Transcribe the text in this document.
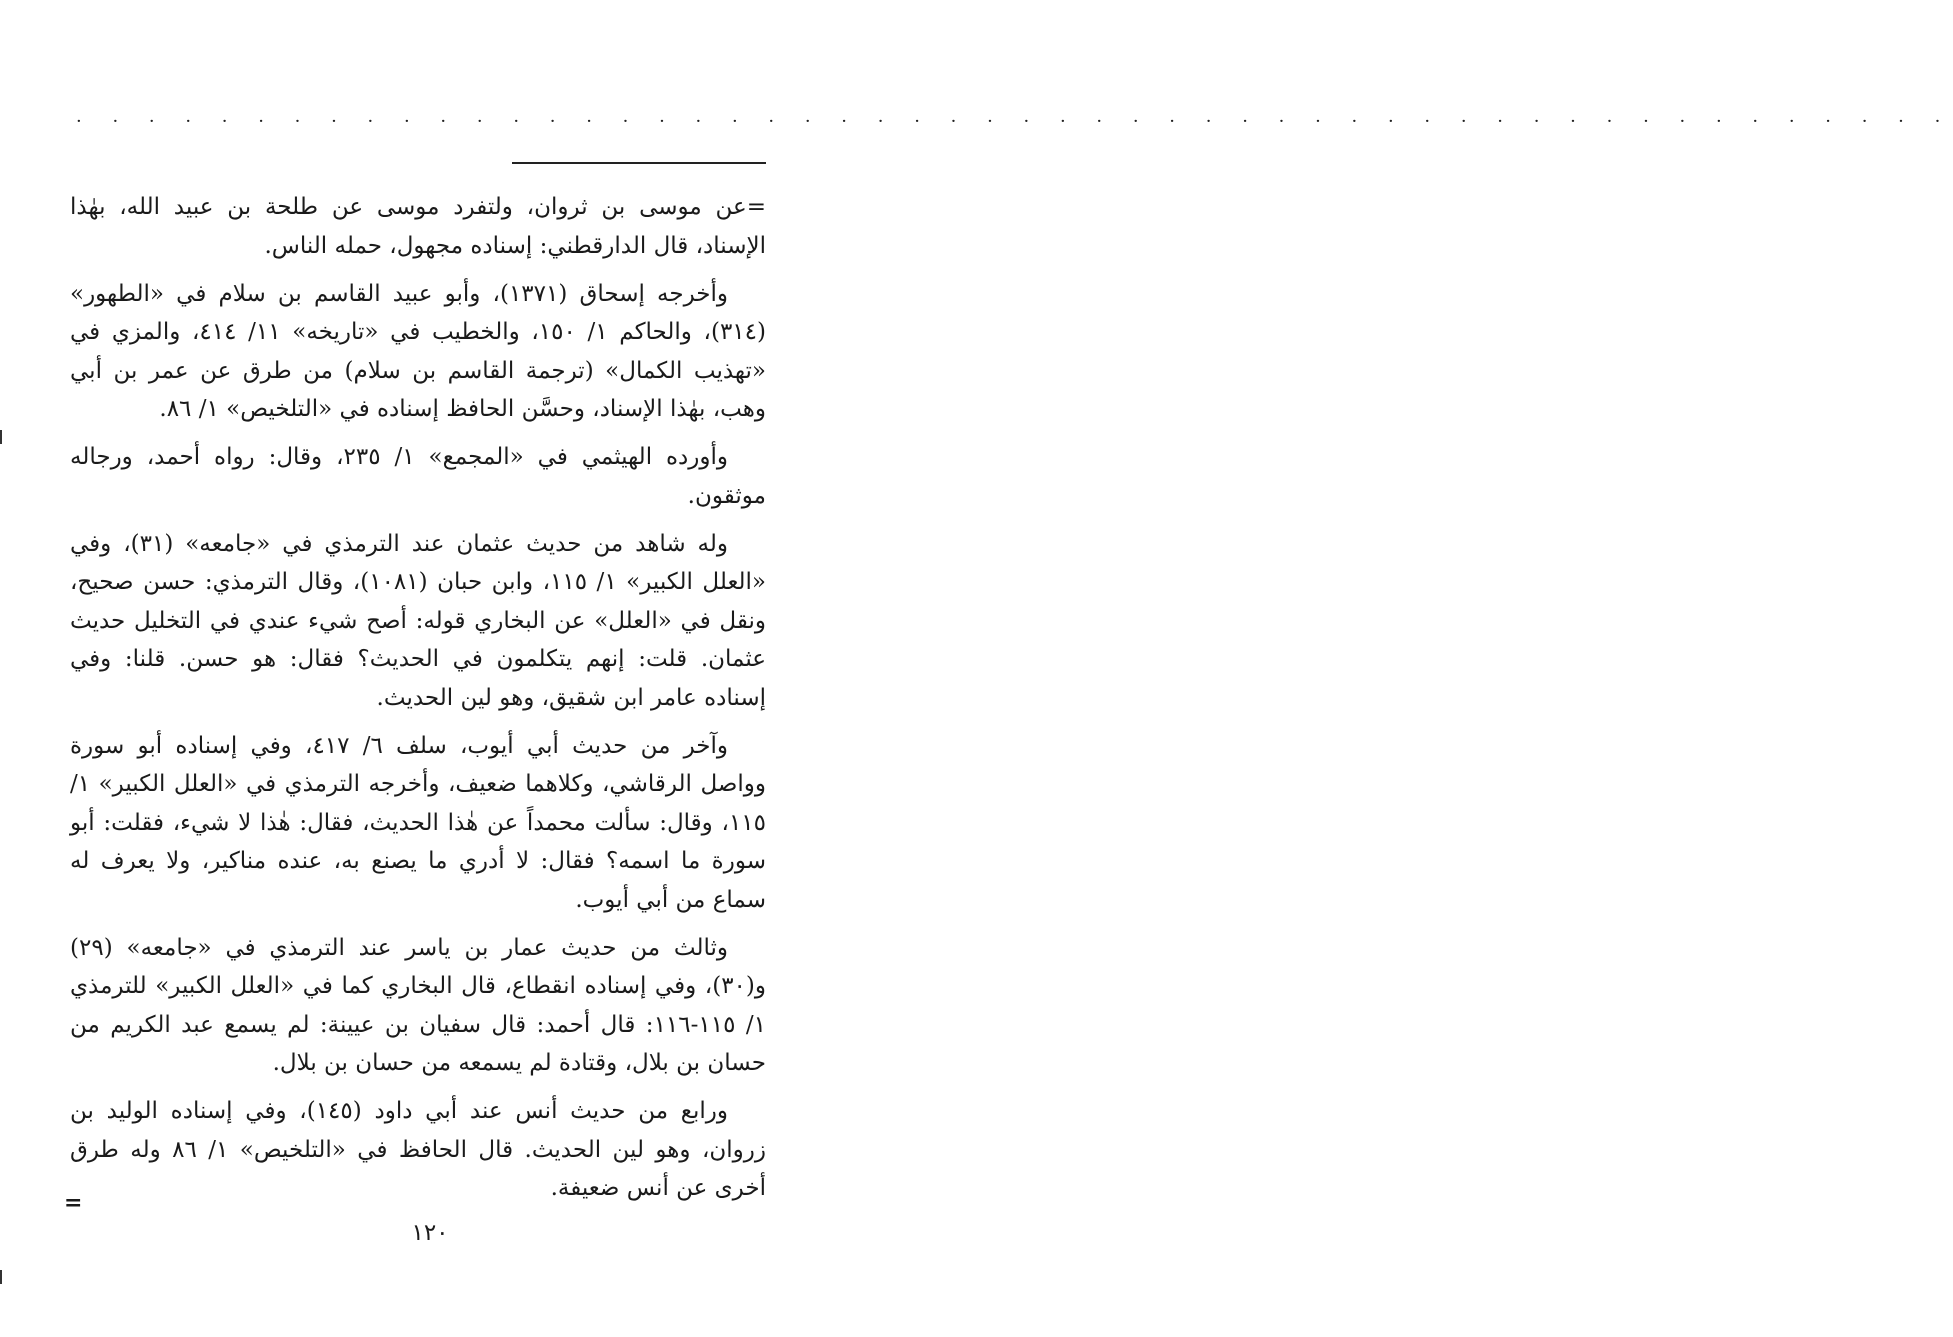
· · · · · · · · · · · · · · · · · · · · · · · · · · · · · · · · · · · · · · · · · · · · · · · · · · · ·

=عن موسى بن ثروان، ولتفرد موسى عن طلحة بن عبيد الله، بهٰذا الإسناد، قال الدارقطني: إسناده مجهول، حمله الناس.

وأخرجه إسحاق (١٣٧١)، وأبو عبيد القاسم بن سلام في «الطهور» (٣١٤)، والحاكم ١/ ١٥٠، والخطيب في «تاريخه» ١١/ ٤١٤، والمزي في «تهذيب الكمال» (ترجمة القاسم بن سلام) من طرق عن عمر بن أبي وهب، بهٰذا الإسناد، وحسَّن الحافظ إسناده في «التلخيص» ١/ ٨٦.

وأورده الهيثمي في «المجمع» ١/ ٢٣٥، وقال: رواه أحمد، ورجاله موثقون.

وله شاهد من حديث عثمان عند الترمذي في «جامعه» (٣١)، وفي «العلل الكبير» ١/ ١١٥، وابن حبان (١٠٨١)، وقال الترمذي: حسن صحيح، ونقل في «العلل» عن البخاري قوله: أصح شيء عندي في التخليل حديث عثمان. قلت: إنهم يتكلمون في الحديث؟ فقال: هو حسن. قلنا: وفي إسناده عامر ابن شقيق، وهو لين الحديث.

وآخر من حديث أبي أيوب، سلف ٦/ ٤١٧، وفي إسناده أبو سورة وواصل الرقاشي، وكلاهما ضعيف، وأخرجه الترمذي في «العلل الكبير» ١/ ١١٥، وقال: سألت محمداً عن هٰذا الحديث، فقال: هٰذا لا شيء، فقلت: أبو سورة ما اسمه؟ فقال: لا أدري ما يصنع به، عنده مناكير، ولا يعرف له سماع من أبي أيوب.

وثالث من حديث عمار بن ياسر عند الترمذي في «جامعه» (٢٩) و(٣٠)، وفي إسناده انقطاع، قال البخاري كما في «العلل الكبير» للترمذي ١/ ١١٥-١١٦: قال أحمد: قال سفيان بن عيينة: لم يسمع عبد الكريم من حسان بن بلال، وقتادة لم يسمعه من حسان بن بلال.

ورابع من حديث أنس عند أبي داود (١٤٥)، وفي إسناده الوليد بن زروان، وهو لين الحديث. قال الحافظ في «التلخيص» ١/ ٨٦ وله طرق أخرى عن أنس ضعيفة.

=
١٢٠
